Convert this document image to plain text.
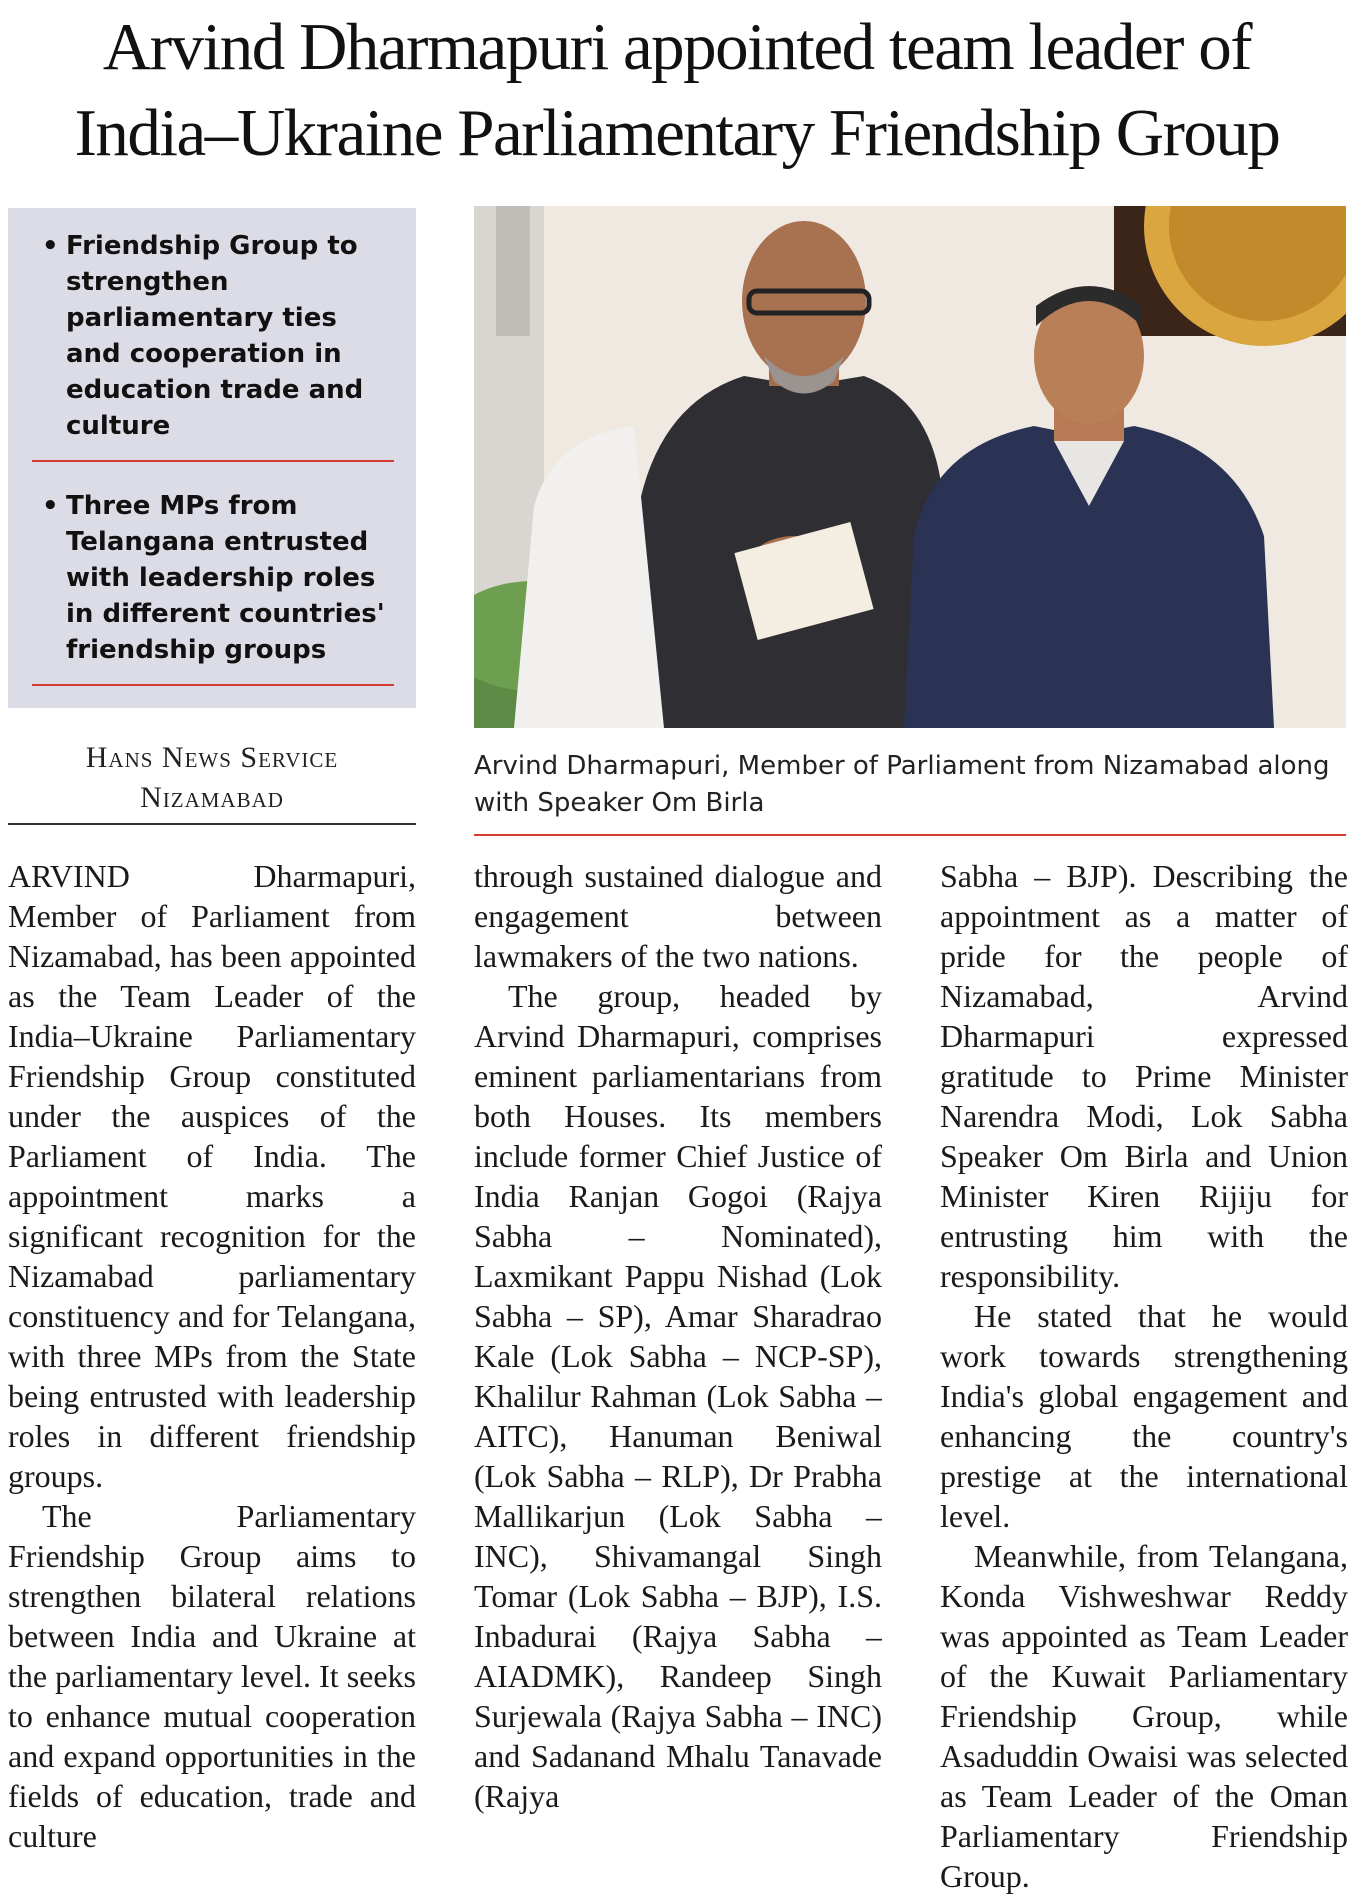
Arvind Dharmapuri appointed team leader of
India–Ukraine Parliamentary Friendship Group
• Friendship Group to strengthen parliamentary ties and cooperation in education trade and culture
• Three MPs from Telangana entrusted with leadership roles in different countries' friendship groups
Hans News Service
Nizamabad
Arvind Dharmapuri, Member of Parliament from Nizamabad along with Speaker Om Birla

ARVIND Dharmapuri, Member of Parliament from Nizamabad, has been appointed as the Team Leader of the India–Ukraine Parliamentary Friendship Group constituted under the auspices of the Parliament of India. The appointment marks a significant recognition for the Nizamabad parliamentary constituency and for Telangana, with three MPs from the State being entrusted with leadership roles in different friendship groups.

The Parliamentary Friendship Group aims to strengthen bilateral relations between India and Ukraine at the parliamentary level. It seeks to enhance mutual cooperation and expand opportunities in the fields of education, trade and culture

through sustained dialogue and engagement between lawmakers of the two nations.

The group, headed by Arvind Dharmapuri, comprises eminent parliamentarians from both Houses. Its members include former Chief Justice of India Ranjan Gogoi (Rajya Sabha – Nominated), Laxmikant Pappu Nishad (Lok Sabha – SP), Amar Sharadrao Kale (Lok Sabha – NCP-SP), Khalilur Rahman (Lok Sabha – AITC), Hanuman Beniwal (Lok Sabha – RLP), Dr Prabha Mallikarjun (Lok Sabha – INC), Shivamangal Singh Tomar (Lok Sabha – BJP), I.S. Inbadurai (Rajya Sabha – AIADMK), Randeep Singh Surjewala (Rajya Sabha – INC) and Sadanand Mhalu Tanavade (Rajya

Sabha – BJP). Describing the appointment as a matter of pride for the people of Nizamabad, Arvind Dharmapuri expressed gratitude to Prime Minister Narendra Modi, Lok Sabha Speaker Om Birla and Union Minister Kiren Rijiju for entrusting him with the responsibility.

He stated that he would work towards strengthening India's global engagement and enhancing the country's prestige at the international level.

Meanwhile, from Telangana, Konda Vishweshwar Reddy was appointed as Team Leader of the Kuwait Parliamentary Friendship Group, while Asaduddin Owaisi was selected as Team Leader of the Oman Parliamentary Friendship Group.
